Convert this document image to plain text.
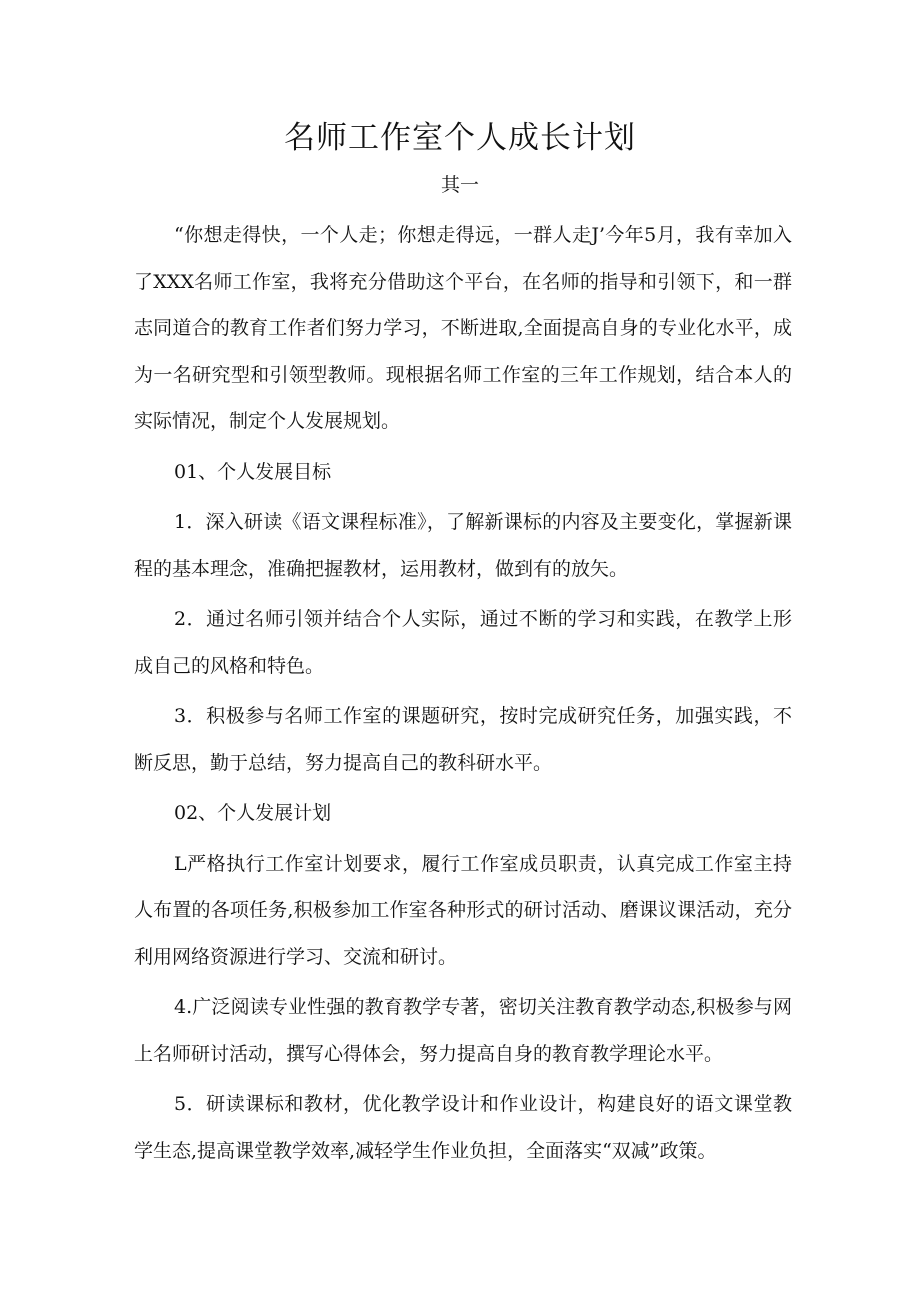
名师工作室个人成长计划
其一

“你想走得快，一个人走；你想走得远，一群人走J’今年5月，我有幸加入了XXX名师工作室，我将充分借助这个平台，在名师的指导和引领下，和一群志同道合的教育工作者们努力学习，不断进取,全面提高自身的专业化水平，成为一名研究型和引领型教师。现根据名师工作室的三年工作规划，结合本人的实际情况，制定个人发展规划。

01、个人发展目标

1．深入研读《语文课程标准》，了解新课标的内容及主要变化，掌握新课程的基本理念，准确把握教材，运用教材，做到有的放矢。

2．通过名师引领并结合个人实际，通过不断的学习和实践，在教学上形成自己的风格和特色。

3．积极参与名师工作室的课题研究，按时完成研究任务，加强实践，不断反思，勤于总结，努力提高自己的教科研水平。

02、个人发展计划

L严格执行工作室计划要求，履行工作室成员职责，认真完成工作室主持人布置的各项任务,积极参加工作室各种形式的研讨活动、磨课议课活动，充分利用网络资源进行学习、交流和研讨。

4.广泛阅读专业性强的教育教学专著，密切关注教育教学动态,积极参与网上名师研讨活动，撰写心得体会，努力提高自身的教育教学理论水平。

5．研读课标和教材，优化教学设计和作业设计，构建良好的语文课堂教学生态,提高课堂教学效率,减轻学生作业负担，全面落实“双减”政策。
